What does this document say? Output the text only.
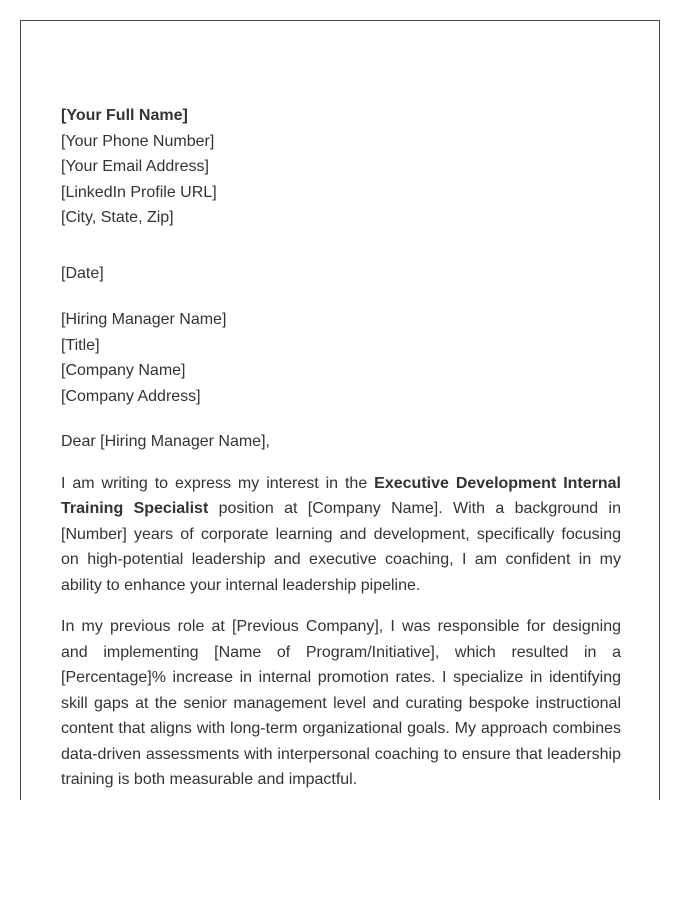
[Your Full Name]
[Your Phone Number]
[Your Email Address]
[LinkedIn Profile URL]
[City, State, Zip]
[Date]
[Hiring Manager Name]
[Title]
[Company Name]
[Company Address]
Dear [Hiring Manager Name],

I am writing to express my interest in the Executive Development Internal Training Specialist position at [Company Name]. With a background in [Number] years of corporate learning and development, specifically focusing on high-potential leadership and executive coaching, I am confident in my ability to enhance your internal leadership pipeline.

In my previous role at [Previous Company], I was responsible for designing and implementing [Name of Program/Initiative], which resulted in a [Percentage]% increase in internal promotion rates. I specialize in identifying skill gaps at the senior management level and curating bespoke instructional content that aligns with long-term organizational goals. My approach combines data-driven assessments with interpersonal coaching to ensure that leadership training is both measurable and impactful.
